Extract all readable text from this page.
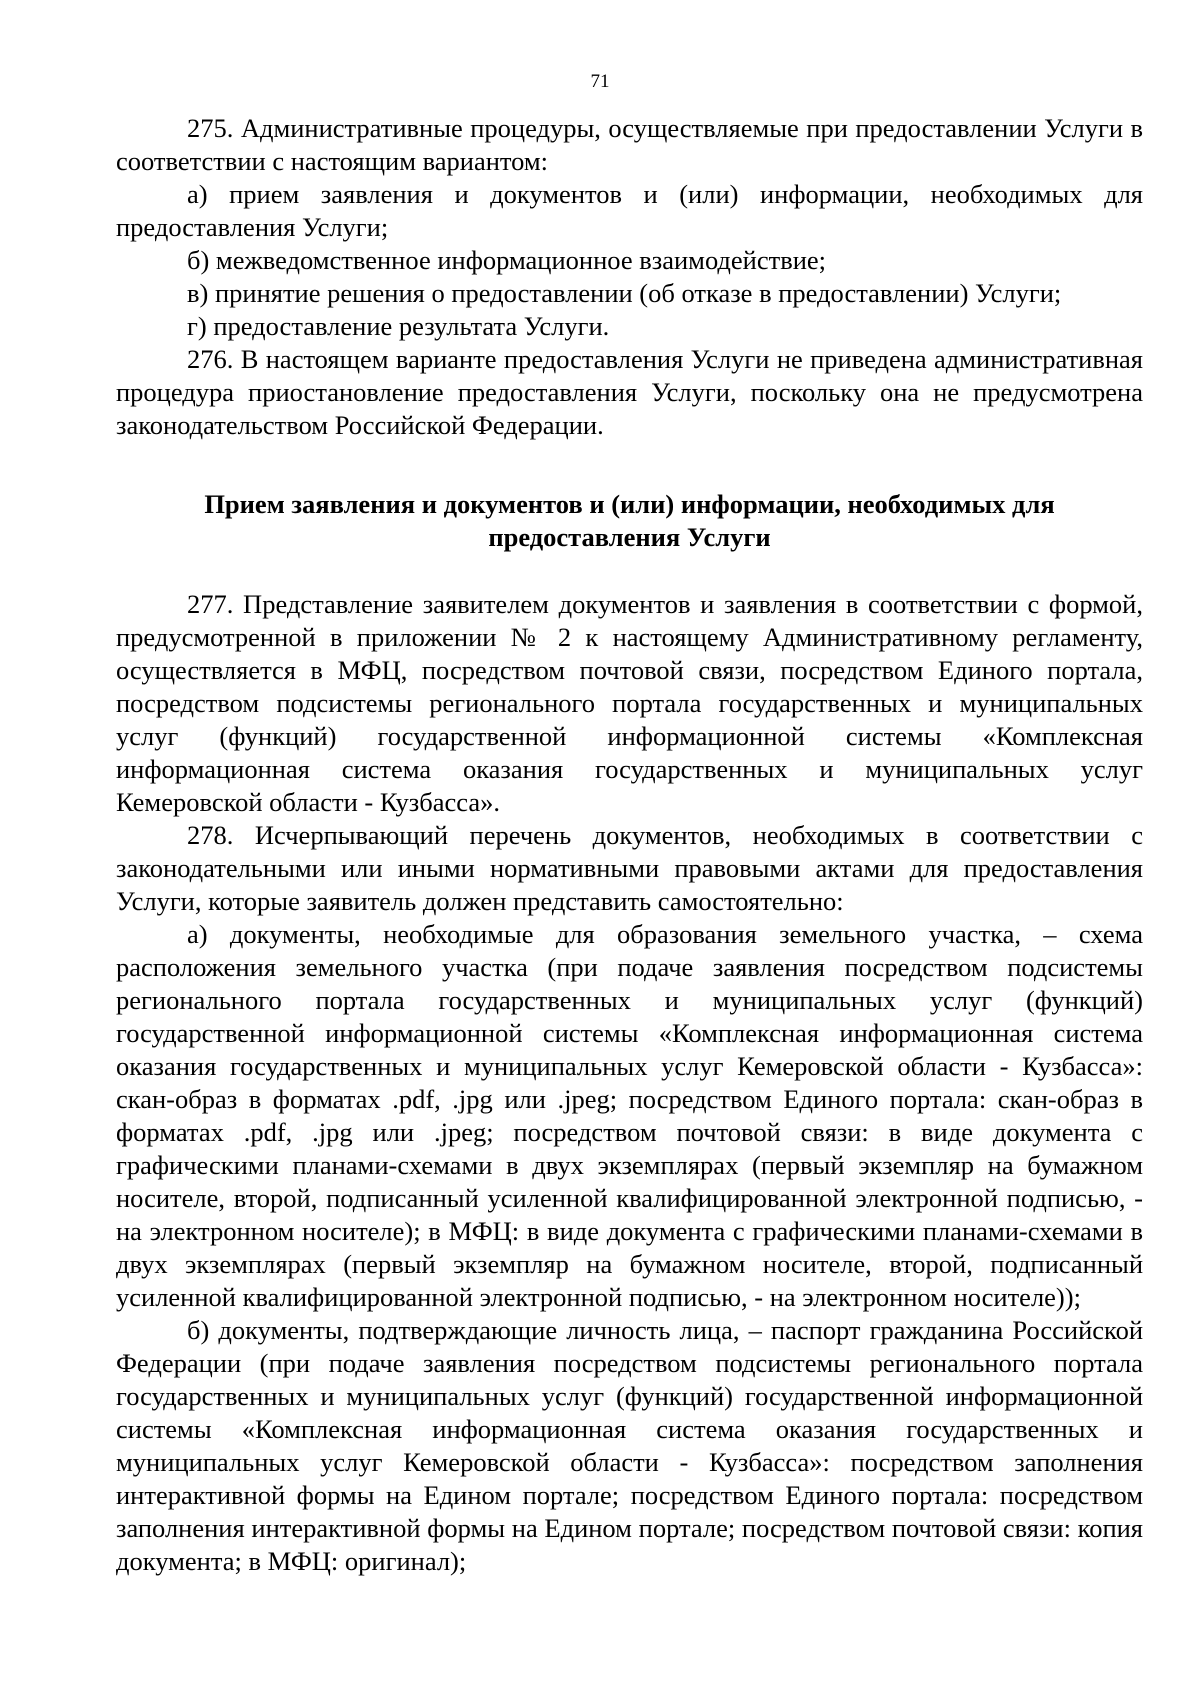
71

275. Административные процедуры, осуществляемые при предоставлении Услуги в соответствии с настоящим вариантом:

а) прием заявления и документов и (или) информации, необходимых для предоставления Услуги;

б) межведомственное информационное взаимодействие;

в) принятие решения о предоставлении (об отказе в предоставлении) Услуги;

г) предоставление результата Услуги.

276. В настоящем варианте предоставления Услуги не приведена административная процедура приостановление предоставления Услуги, поскольку она не предусмотрена законодательством Российской Федерации.

Прием заявления и документов и (или) информации, необходимых для
предоставления Услуги

277. Представление заявителем документов и заявления в соответствии с формой, предусмотренной в приложении № 2 к настоящему Административному регламенту, осуществляется в МФЦ, посредством почтовой связи, посредством Единого портала, посредством подсистемы регионального портала государственных и муниципальных услуг (функций) государственной информационной системы «Комплексная информационная система оказания государственных и муниципальных услуг Кемеровской области - Кузбасса».

278. Исчерпывающий перечень документов, необходимых в соответствии с законодательными или иными нормативными правовыми актами для предоставления Услуги, которые заявитель должен представить самостоятельно:

а) документы, необходимые для образования земельного участка, – схема расположения земельного участка (при подаче заявления посредством подсистемы регионального портала государственных и муниципальных услуг (функций) государственной информационной системы «Комплексная информационная система оказания государственных и муниципальных услуг Кемеровской области - Кузбасса»: скан-образ в форматах .pdf, .jpg или .jpeg; посредством Единого портала: скан-образ в форматах .pdf, .jpg или .jpeg; посредством почтовой связи: в виде документа с графическими планами-схемами в двух экземплярах (первый экземпляр на бумажном носителе, второй, подписанный усиленной квалифицированной электронной подписью, - на электронном носителе); в МФЦ: в виде документа с графическими планами-схемами в двух экземплярах (первый экземпляр на бумажном носителе, второй, подписанный усиленной квалифицированной электронной подписью, - на электронном носителе));

б) документы, подтверждающие личность лица, – паспорт гражданина Российской Федерации (при подаче заявления посредством подсистемы регионального портала государственных и муниципальных услуг (функций) государственной информационной системы «Комплексная информационная система оказания государственных и муниципальных услуг Кемеровской области - Кузбасса»: посредством заполнения интерактивной формы на Едином портале; посредством Единого портала: посредством заполнения интерактивной формы на Едином портале; посредством почтовой связи: копия документа; в МФЦ: оригинал);
